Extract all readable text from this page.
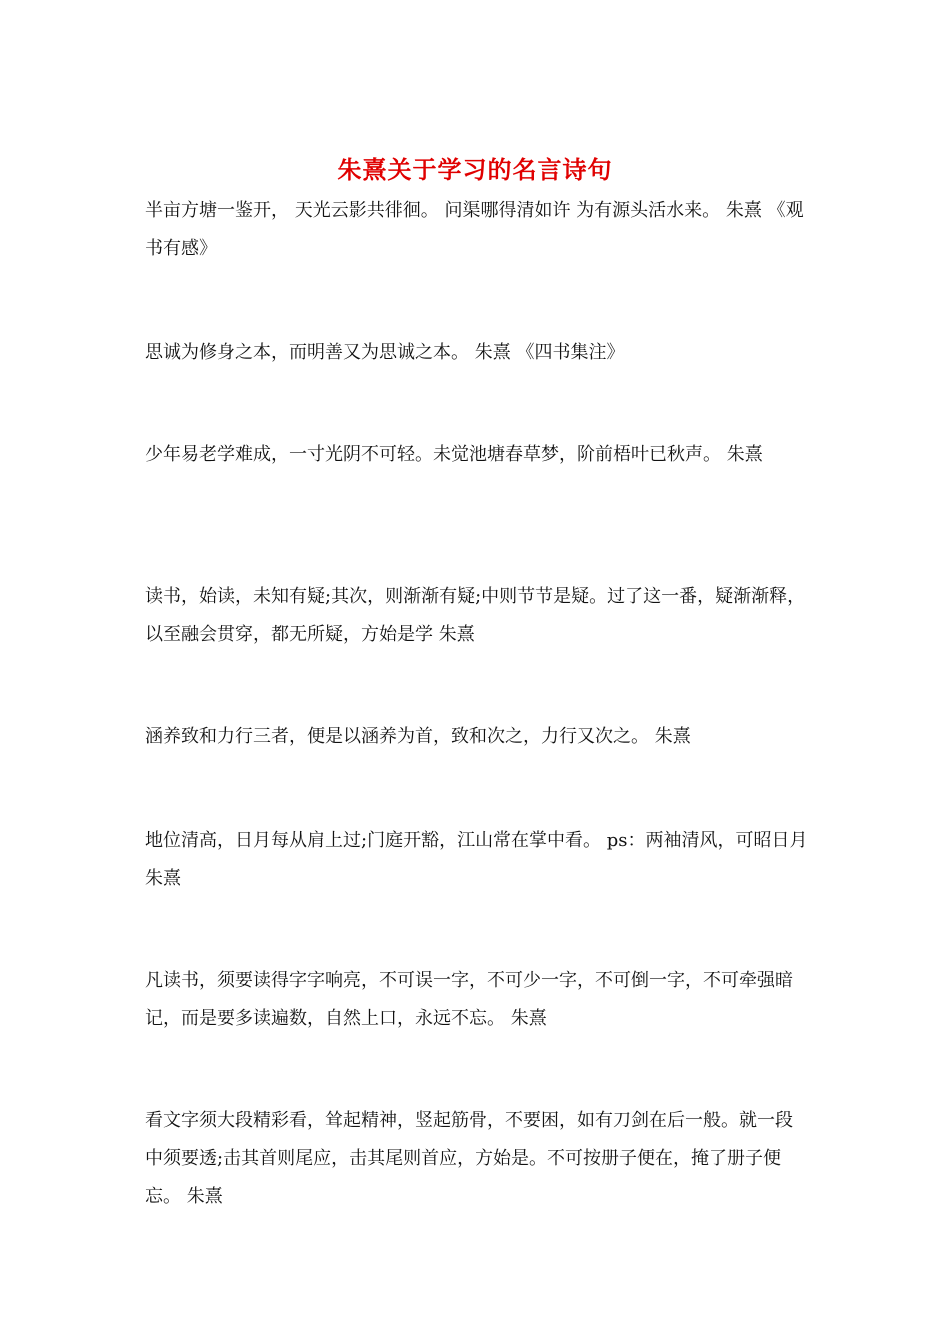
朱熹关于学习的名言诗句

半亩方塘一鉴开， 天光云影共徘徊。 问渠哪得清如许 为有源头活水来。 朱熹 《观书有感》

思诚为修身之本，而明善又为思诚之本。 朱熹 《四书集注》

少年易老学难成，一寸光阴不可轻。未觉池塘春草梦，阶前梧叶已秋声。 朱熹

读书，始读，未知有疑;其次，则渐渐有疑;中则节节是疑。过了这一番，疑渐渐释，以至融会贯穿，都无所疑，方始是学 朱熹

涵养致和力行三者，便是以涵养为首，致和次之，力行又次之。 朱熹

地位清高，日月每从肩上过;门庭开豁，江山常在掌中看。 ps：两袖清风，可昭日月 朱熹

凡读书，须要读得字字响亮，不可误一字，不可少一字，不可倒一字，不可牵强暗记，而是要多读遍数，自然上口，永远不忘。 朱熹

看文字须大段精彩看，耸起精神，竖起筋骨，不要困，如有刀剑在后一般。就一段中须要透;击其首则尾应，击其尾则首应，方始是。不可按册子便在，掩了册子便忘。 朱熹
